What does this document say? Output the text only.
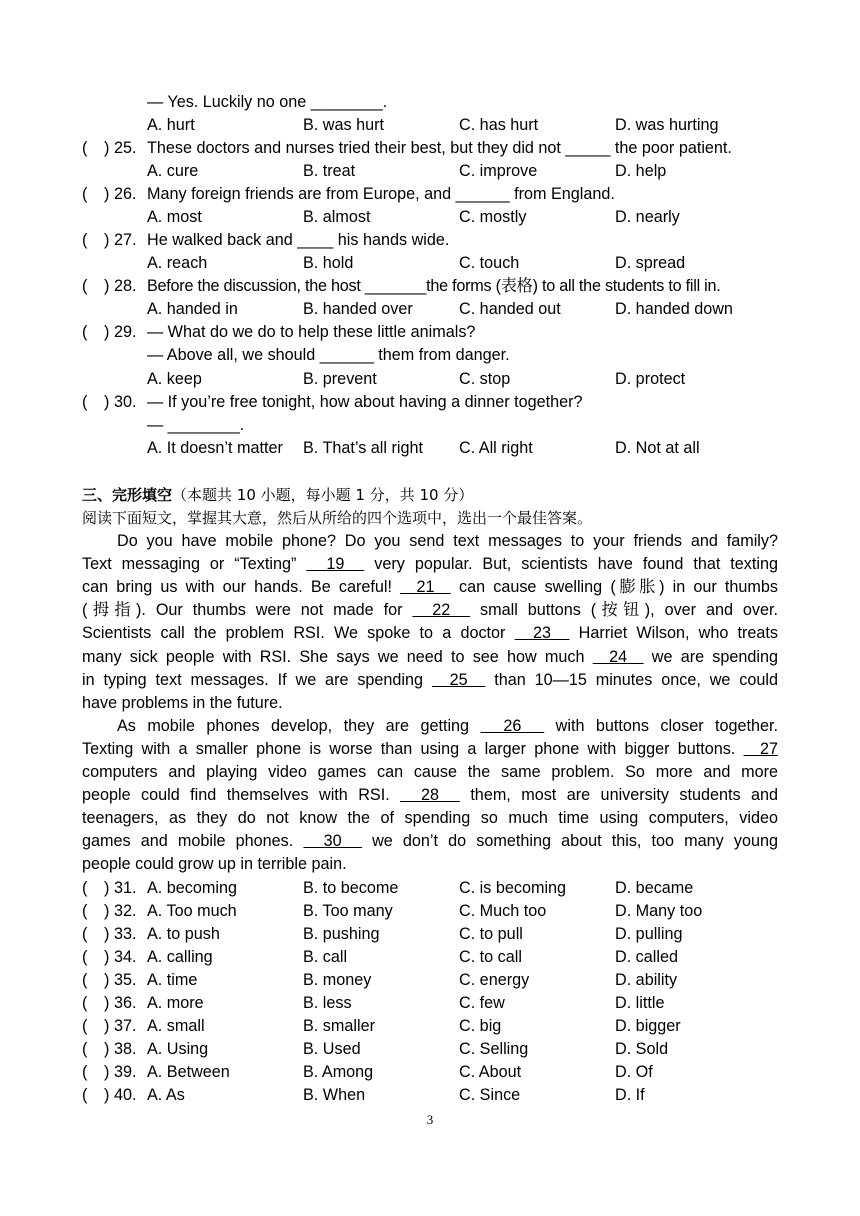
— Yes. Luckily no one ________.
A. hurt	B. was hurt	C. has hurt	D. was hurting
( ) 25. These doctors and nurses tried their best, but they did not _____ the poor patient.
A. cure	B. treat	C. improve	D. help
( ) 26. Many foreign friends are from Europe, and ______ from England.
A. most	B. almost	C. mostly	D. nearly
( ) 27. He walked back and ____ his hands wide.
A. reach	B. hold	C. touch	D. spread
( ) 28. Before the discussion, the host _______the forms (表格) to all the students to fill in.
A. handed in	B. handed over	C. handed out	D. handed down
( ) 29. — What do we do to help these little animals?
— Above all, we should ______ them from danger.
A. keep	B. prevent	C. stop	D. protect
( ) 30. — If you’re free tonight, how about having a dinner together?
— ________.
A. It doesn’t matter B. That’s all right C. All right	D. Not at all
三、完形填空（本题共 10 小题，每小题 1 分，共 10 分）
阅读下面短文，掌握其大意，然后从所给的四个选项中，选出一个最佳答案。
Do you have mobile phone? Do you send text messages to your friends and family?
Text messaging or “Texting”   19   very popular. But, scientists have found that texting
can bring us with our hands. Be careful!   21   can cause swelling (膨胀) in our thumbs
(拇指). Our thumbs were not made for   22   small buttons (按钮), over and over.
Scientists call the problem RSI. We spoke to a doctor   23   Harriet Wilson, who treats
many sick people with RSI. She says we need to see how much   24   we are spending
in typing text messages. If we are spending   25   than 10—15 minutes once, we could
have problems in the future.
As mobile phones develop, they are getting   26   with buttons closer together.
Texting with a smaller phone is worse than using a larger phone with bigger buttons.   27
computers and playing video games can cause the same problem. So more and more
people could find themselves with RSI.   28   them, most are university students and
teenagers, as they do not know the of spending so much time using computers, video
games and mobile phones.   30   we don’t do something about this, too many young
people could grow up in terrible pain.
( ) 31. A. becoming	B. to become	C. is becoming	D. became
( ) 32. A. Too much	B. Too many	C. Much too	D. Many too
( ) 33. A. to push	B. pushing	C. to pull	D. pulling
( ) 34. A. calling	B. call	C. to call	D. called
( ) 35. A. time	B. money	C. energy	D. ability
( ) 36. A. more	B. less	C. few	D. little
( ) 37. A. small	B. smaller	C. big	D. bigger
( ) 38. A. Using	B. Used	C. Selling	D. Sold
( ) 39. A. Between	B. Among	C. About	D. Of
( ) 40. A. As	B. When	C. Since	D. If
3
